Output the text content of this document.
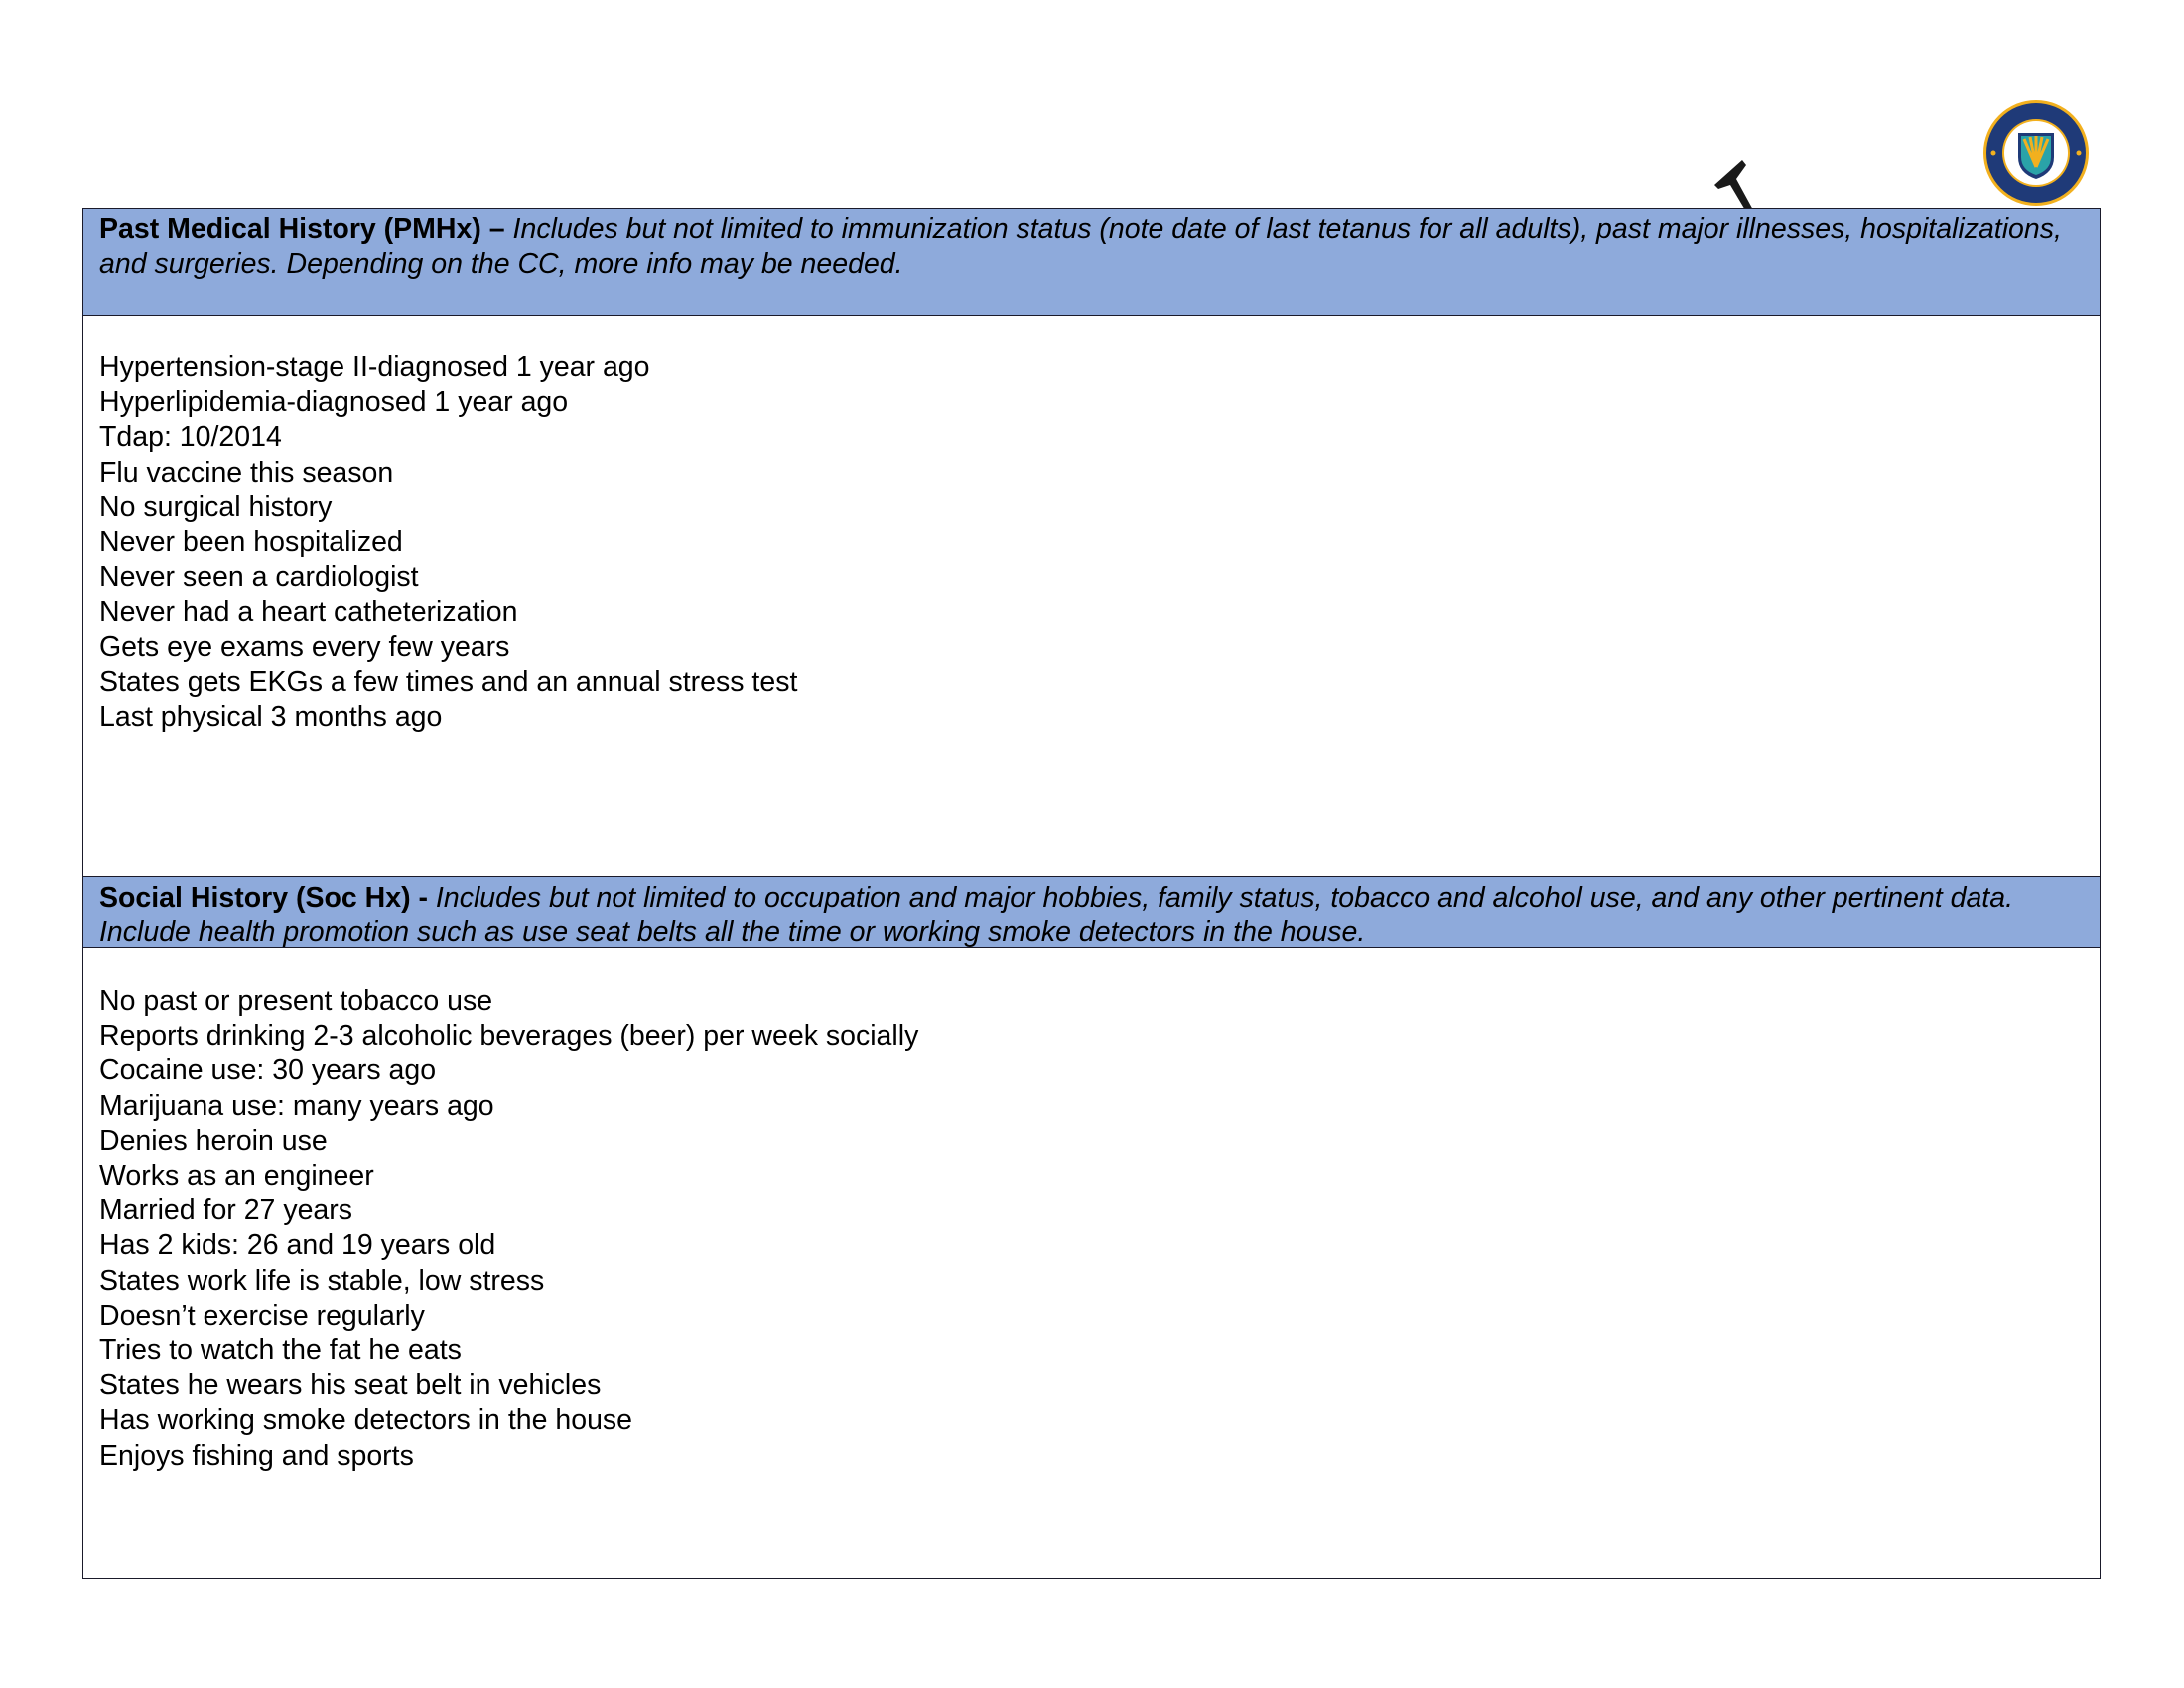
Past Medical History (PMHx) – Includes but not limited to immunization status (note date of last tetanus for all adults), past major illnesses, hospitalizations, and surgeries. Depending on the CC, more info may be needed.
Hypertension-stage II-diagnosed 1 year ago
Hyperlipidemia-diagnosed 1 year ago
Tdap: 10/2014
Flu vaccine this season
No surgical history
Never been hospitalized
Never seen a cardiologist
Never had a heart catheterization
Gets eye exams every few years
States gets EKGs a few times and an annual stress test
Last physical 3 months ago
Social History (Soc Hx) - Includes but not limited to occupation and major hobbies, family status, tobacco and alcohol use, and any other pertinent data. Include health promotion such as use seat belts all the time or working smoke detectors in the house.
No past or present tobacco use
Reports drinking 2-3 alcoholic beverages (beer) per week socially
Cocaine use: 30 years ago
Marijuana use: many years ago
Denies heroin use
Works as an engineer
Married for 27 years
Has 2 kids: 26 and 19 years old
States work life is stable, low stress
Doesn’t exercise regularly
Tries to watch the fat he eats
States he wears his seat belt in vehicles
Has working smoke detectors in the house
Enjoys fishing and sports
